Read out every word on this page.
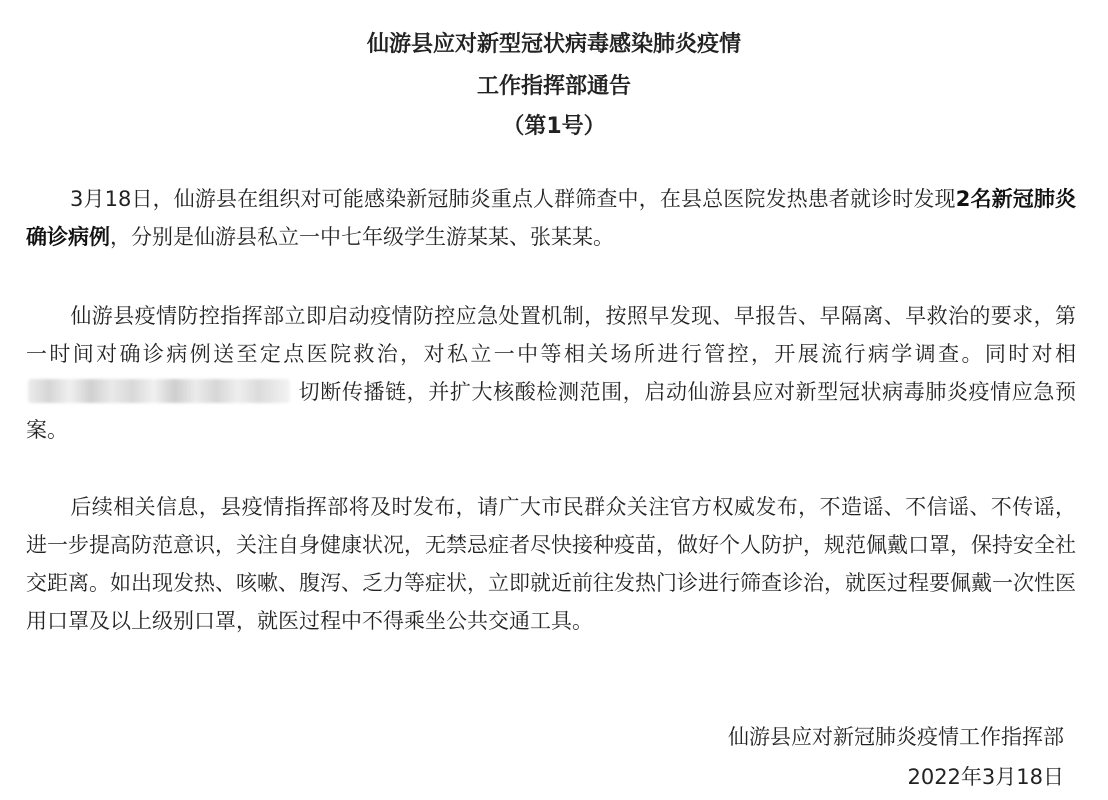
仙游县应对新型冠状病毒感染肺炎疫情
工作指挥部通告
（第1号）

3月18日，仙游县在组织对可能感染新冠肺炎重点人群筛查中，在县总医院发热患者就诊时发现2名新冠肺炎确诊病例，分别是仙游县私立一中七年级学生游某某、张某某。

仙游县疫情防控指挥部立即启动疫情防控应急处置机制，按照早发现、早报告、早隔离、早救治的要求，第一时间对确诊病例送至定点医院救治，对私立一中等相关场所进行管控，开展流行病学调查。同时对相切断传播链，并扩大核酸检测范围，启动仙游县应对新型冠状病毒肺炎疫情应急预案。

后续相关信息，县疫情指挥部将及时发布，请广大市民群众关注官方权威发布，不造谣、不信谣、不传谣，进一步提高防范意识，关注自身健康状况，无禁忌症者尽快接种疫苗，做好个人防护，规范佩戴口罩，保持安全社交距离。如出现发热、咳嗽、腹泻、乏力等症状，立即就近前往发热门诊进行筛查诊治，就医过程要佩戴一次性医用口罩及以上级别口罩，就医过程中不得乘坐公共交通工具。

仙游县应对新冠肺炎疫情工作指挥部
2022年3月18日
